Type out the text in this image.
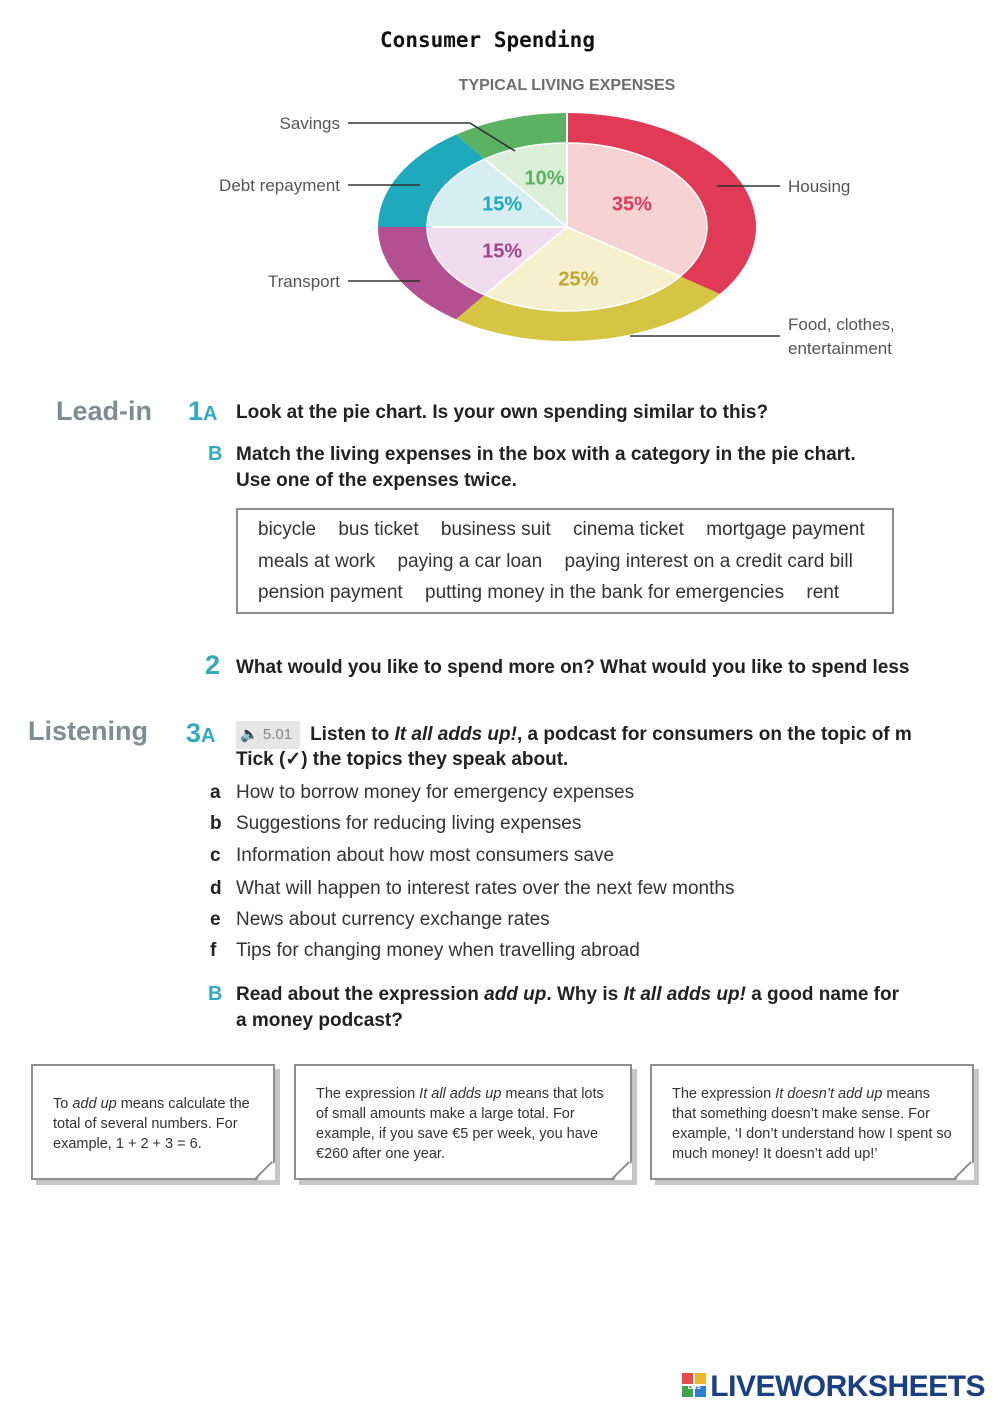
Consumer Spending
TYPICAL LIVING EXPENSES
35%
25%
15%
15%
10%	Housing
Food, clothes,
entertainment
Transport
Debt repayment
Savings
Lead-in 1A Look at the pie chart. Is your own spending similar to this?
B Match the living expenses in the box with a category in the pie chart.
Use one of the expenses twice.
bicycle bus ticket business suit cinema ticket mortgage payment
meals at work paying a car loan paying interest on a credit card bill
pension payment putting money in the bank for emergencies rent
2 What would you like to spend more on? What would you like to spend less
Listening 3A 🔈 5.01 Listen to It all adds up!, a podcast for consumers on the topic of m
Tick (✓) the topics they speak about.
a How to borrow money for emergency expenses
b Suggestions for reducing living expenses
c Information about how most consumers save
d What will happen to interest rates over the next few months
e News about currency exchange rates
f Tips for changing money when travelling abroad
B Read about the expression add up. Why is It all adds up! a good name for
a money podcast?
To add up means calculate the total of several numbers. For example, 1 + 2 + 3 = 6.
The expression It all adds up means that lots of small amounts make a large total. For example, if you save €5 per week, you have €260 after one year.
The expression It doesn’t add up means that something doesn’t make sense. For example, ‘I don’t understand how I spent so much money! It doesn’t add up!’
LWS LIVEWORKSHEETS
